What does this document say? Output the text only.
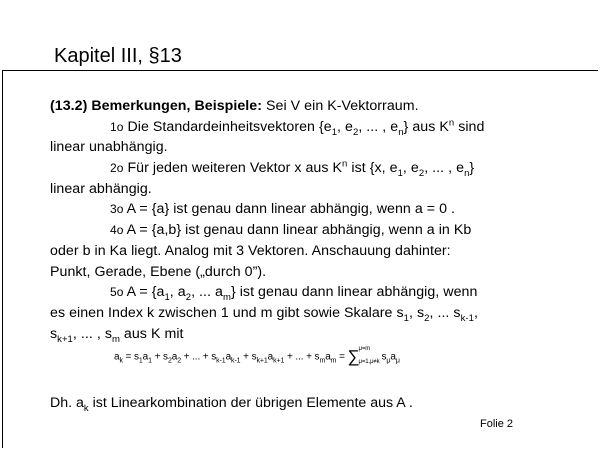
Kapitel III, §13
(13.2) Bemerkungen, Beispiele: Sei V ein K-Vektorraum.
1o Die Standardeinheitsvektoren {$e_1$, $e_2$, ... , $e_n$} aus $K^n$ sind
linear unabhängig.
2o Für jeden weiteren Vektor x aus $K^n$ ist {x, $e_1$, $e_2$, ... , $e_n$}
linear abhängig.
3o A = {a} ist genau dann linear abhängig, wenn a = 0 .
4o A = {a,b} ist genau dann linear abhängig, wenn a in Kb
oder b in Ka liegt. Analog mit 3 Vektoren. Anschauung dahinter:
Punkt, Gerade, Ebene („durch 0”).
5o $A = \{a_1$, $a_2$, ... $a_m$} ist genau dann linear abhängig, wenn
es einen Index k zwischen 1 und m gibt sowie Skalare $s_1$, $s_2$, ... $s_{k-1}$,
$s_{k+1}$, ... , $s_m$ aus K mit
$a_k = s_1a_1 + s_2a_2$ + ... + $s_{k-1}a_{k-1} + s_{k+1}a_{k+1}$ + ... + $s_ma_m$ = ∑
μ=m
μ=1,μ≠k $s_\mu a_\mu$
Dh. $a_k$ ist Linearkombination der übrigen Elemente aus A .
Folie 2
